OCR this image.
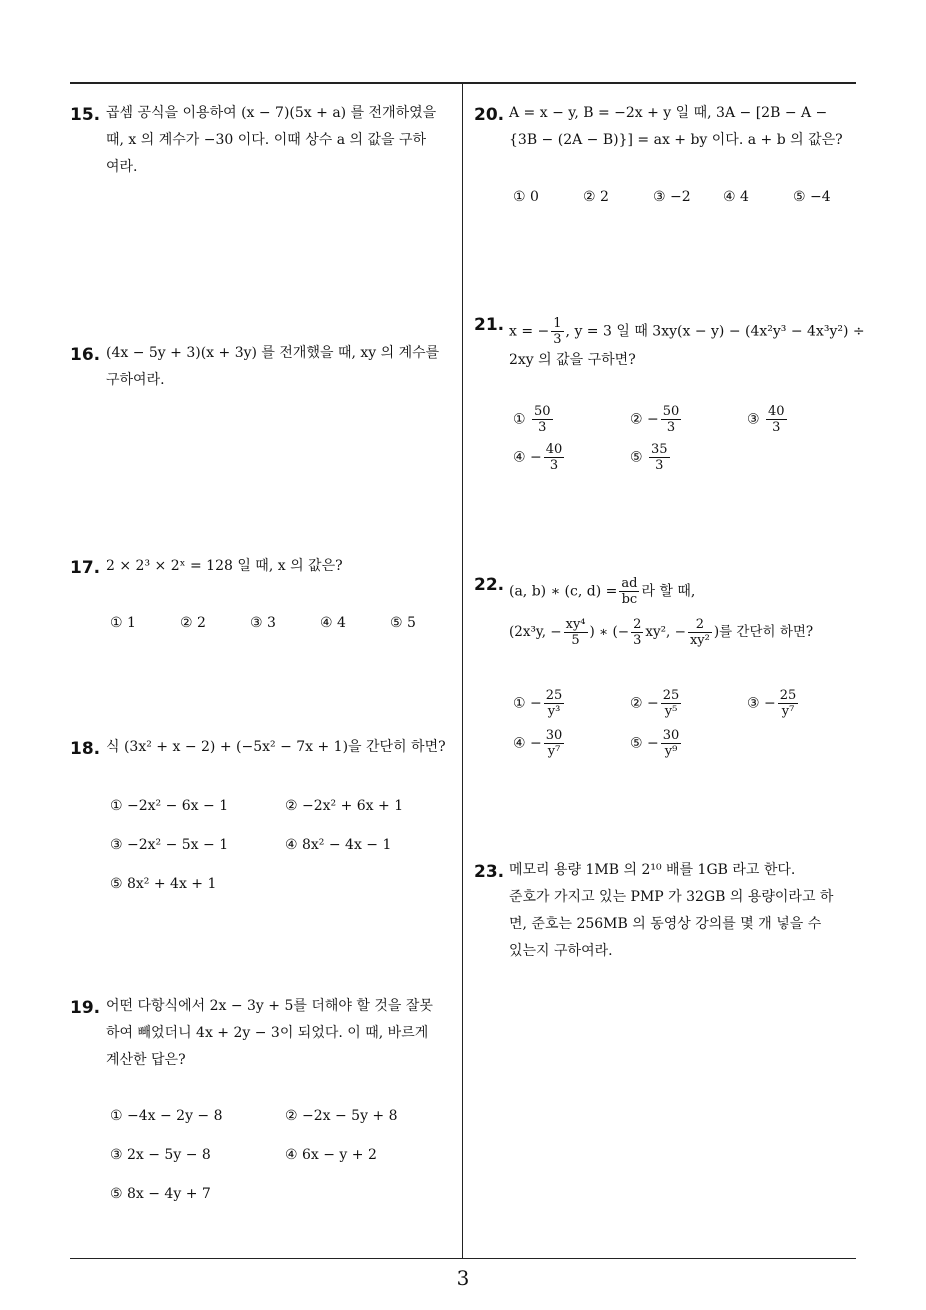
15. 곱셈 공식을 이용하여 (x − 7)(5x + a) 를 전개하였을
때, x 의 계수가 −30 이다. 이때 상수 a 의 값을 구하
여라.
16. (4x − 5y + 3)(x + 3y) 를 전개했을 때, xy 의 계수를
구하여라.
17. 2 × 2³ × 2ˣ = 128 일 때, x 의 값은?
① 1	② 2	③ 3	④ 4	⑤ 5
18. 식 (3x² + x − 2) + (−5x² − 7x + 1)을 간단히 하면?
① −2x² − 6x − 1	② −2x² + 6x + 1
③ −2x² − 5x − 1	④ 8x² − 4x − 1
⑤ 8x² + 4x + 1
19. 어떤 다항식에서 2x − 3y + 5를 더해야 할 것을 잘못
하여 빼었더니 4x + 2y − 3이 되었다. 이 때, 바르게
계산한 답은?
① −4x − 2y − 8	② −2x − 5y + 8
③ 2x − 5y − 8	④ 6x − y + 2
⑤ 8x − 4y + 7
20. A = x − y, B = −2x + y 일 때, 3A − [2B − A −
{3B − (2A − B)}] = ax + by 이다. a + b 의 값은?
① 0	② 2	③ −2 ④ 4	⑤ −4
21. x = − $\frac{1}{3}$ , y = 3 일 때 3xy(x − y) − (4x²y³ − 4x³y²) ÷
2xy 의 값을 구하면?
① $\frac{50}{3}$	② − $\frac{50}{3}$	③ $\frac{40}{3}$
④ − $\frac{40}{3}$	⑤ $\frac{35}{3}$
22. (a, b) ∗ (c, $d) = \frac{ad}{bc}$ 라 할 때,
(2x³y, − $\frac{\text{xy⁴}}{5}$ ) ∗ (− $\frac{2}{3} xy^2$, − $\frac{2}{\text{xy²}}$ )를 간단히 하면?
① − $\frac{25}{\text{y³}}$	② − $\frac{25}{\text{y⁵}}$	③ − $\frac{25}{\text{y⁷}}$
④ − $\frac{30}{\text{y⁷}}$	⑤ − $\frac{30}{\text{y⁹}}$
23. 메모리 용량 1MB 의 2¹⁰ 배를 1GB 라고 한다.
준호가 가지고 있는 PMP 가 32GB 의 용량이라고 하
면, 준호는 256MB 의 동영상 강의를 몇 개 넣을 수
있는지 구하여라.
3
